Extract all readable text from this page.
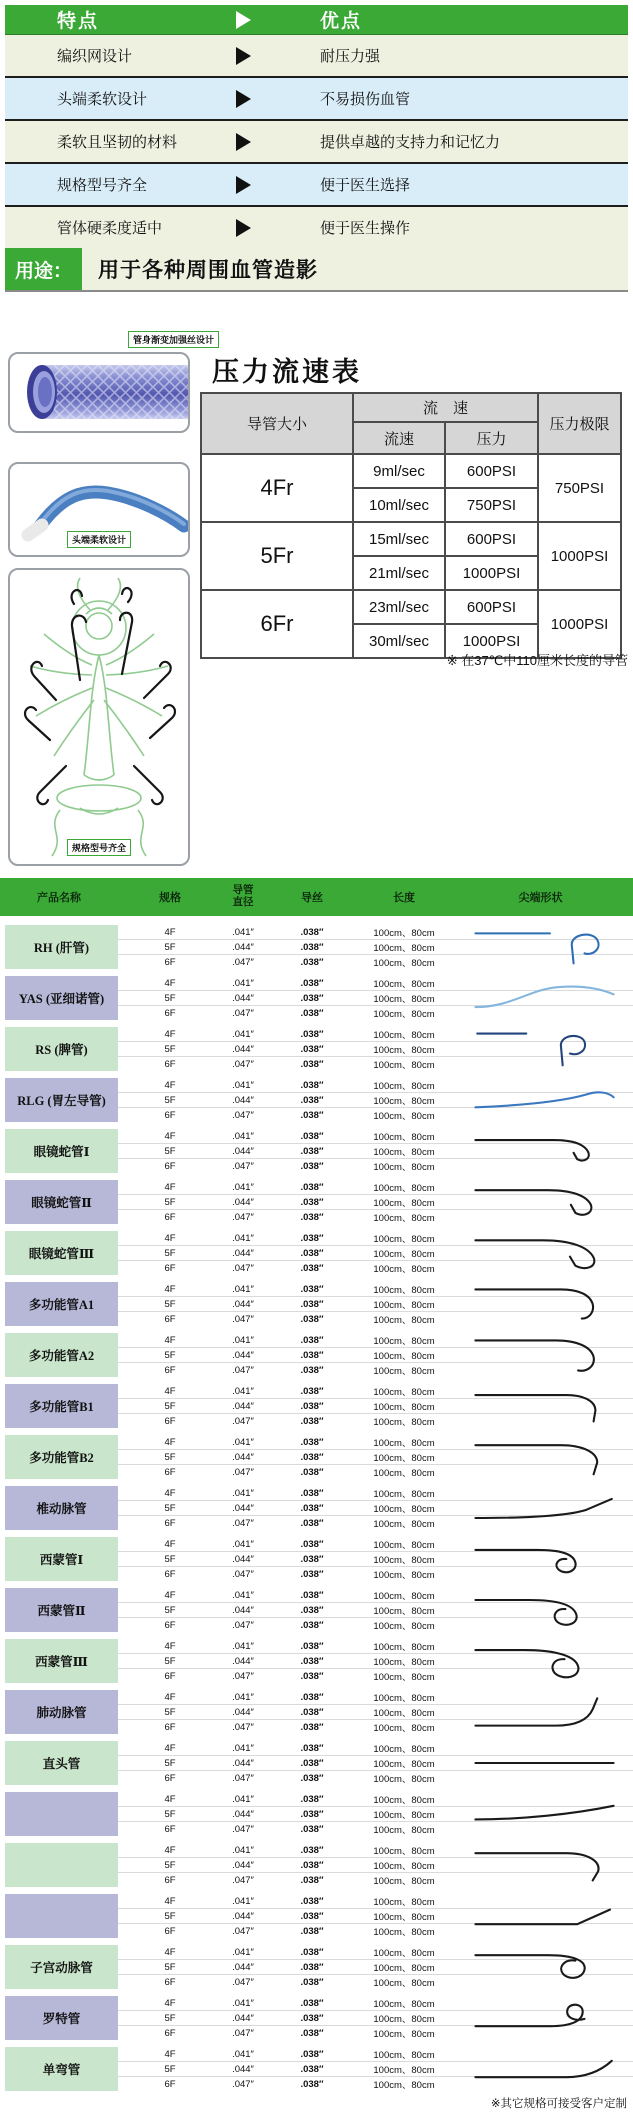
特点	优点
编织网设计	耐压力强
头端柔软设计	不易损伤血管
柔软且坚韧的材料	提供卓越的支持力和记忆力
规格型号齐全	便于医生选择
管体硬柔度适中	便于医生操作
用途：	用于各种周围血管造影
管身渐变加强丝设计
头端柔软设计
规格型号齐全
压力流速表
导管大小	流　速		压力极限
	流速	压力	
4Fr	9ml/sec	600PSI	750PSI
	10ml/sec	750PSI	
5Fr	15ml/sec	600PSI	1000PSI
	21ml/sec	1000PSI	
6Fr	23ml/sec	600PSI	1000PSI
	30ml/sec	1000PSI	
※ 在37℃中110厘米长度的导管
产品名称	规格
导管
直径	导丝	长度	尖端形状
RH (肝管)
4F	.041″	.038″	100cm、80cm
5F	.044″	.038″	100cm、80cm
6F	.047″	.038″	100cm、80cm
YAS (亚细诺管)
4F	.041″	.038″	100cm、80cm
5F	.044″	.038″	100cm、80cm
6F	.047″	.038″	100cm、80cm
RS (脾管)
4F	.041″	.038″	100cm、80cm
5F	.044″	.038″	100cm、80cm
6F	.047″	.038″	100cm、80cm
RLG (胃左导管)
4F	.041″	.038″	100cm、80cm
5F	.044″	.038″	100cm、80cm
6F	.047″	.038″	100cm、80cm
眼镜蛇管Ⅰ
4F	.041″	.038″	100cm、80cm
5F	.044″	.038″	100cm、80cm
6F	.047″	.038″	100cm、80cm
眼镜蛇管Ⅱ
4F	.041″	.038″	100cm、80cm
5F	.044″	.038″	100cm、80cm
6F	.047″	.038″	100cm、80cm
眼镜蛇管Ⅲ
4F	.041″	.038″	100cm、80cm
5F	.044″	.038″	100cm、80cm
6F	.047″	.038″	100cm、80cm
多功能管A1
4F	.041″	.038″	100cm、80cm
5F	.044″	.038″	100cm、80cm
6F	.047″	.038″	100cm、80cm
多功能管A2
4F	.041″	.038″	100cm、80cm
5F	.044″	.038″	100cm、80cm
6F	.047″	.038″	100cm、80cm
多功能管B1
4F	.041″	.038″	100cm、80cm
5F	.044″	.038″	100cm、80cm
6F	.047″	.038″	100cm、80cm
多功能管B2
4F	.041″	.038″	100cm、80cm
5F	.044″	.038″	100cm、80cm
6F	.047″	.038″	100cm、80cm
椎动脉管
4F	.041″	.038″	100cm、80cm
5F	.044″	.038″	100cm、80cm
6F	.047″	.038″	100cm、80cm
西蒙管Ⅰ
4F	.041″	.038″	100cm、80cm
5F	.044″	.038″	100cm、80cm
6F	.047″	.038″	100cm、80cm
西蒙管Ⅱ
4F	.041″	.038″	100cm、80cm
5F	.044″	.038″	100cm、80cm
6F	.047″	.038″	100cm、80cm
西蒙管Ⅲ
4F	.041″	.038″	100cm、80cm
5F	.044″	.038″	100cm、80cm
6F	.047″	.038″	100cm、80cm
肺动脉管
4F	.041″	.038″	100cm、80cm
5F	.044″	.038″	100cm、80cm
6F	.047″	.038″	100cm、80cm
直头管
4F	.041″	.038″	100cm、80cm
5F	.044″	.038″	100cm、80cm
6F	.047″	.038″	100cm、80cm
4F	.041″	.038″	100cm、80cm
5F	.044″	.038″	100cm、80cm
6F	.047″	.038″	100cm、80cm
4F	.041″	.038″	100cm、80cm
5F	.044″	.038″	100cm、80cm
6F	.047″	.038″	100cm、80cm
4F	.041″	.038″	100cm、80cm
5F	.044″	.038″	100cm、80cm
6F	.047″	.038″	100cm、80cm
子宫动脉管
4F	.041″	.038″	100cm、80cm
5F	.044″	.038″	100cm、80cm
6F	.047″	.038″	100cm、80cm
罗特管
4F	.041″	.038″	100cm、80cm
5F	.044″	.038″	100cm、80cm
6F	.047″	.038″	100cm、80cm
单弯管
4F	.041″	.038″	100cm、80cm
5F	.044″	.038″	100cm、80cm
6F	.047″	.038″	100cm、80cm
※其它规格可接受客户定制
